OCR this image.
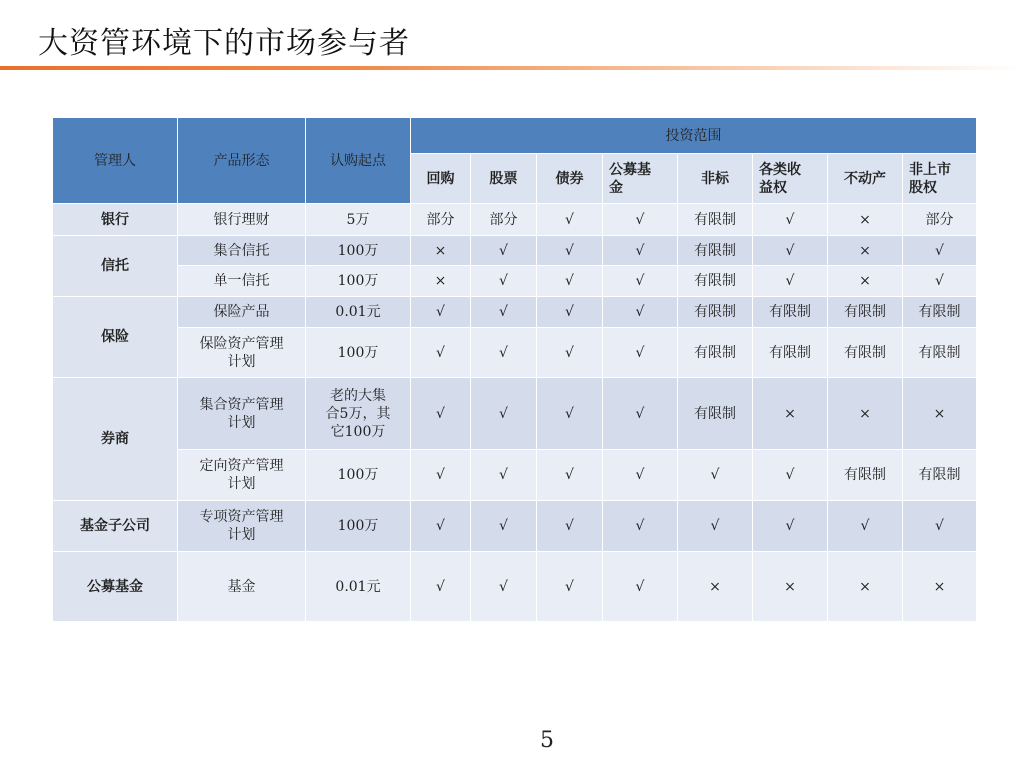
大资管环境下的市场参与者
管理人	产品形态	认购起点	投资范围							
			回购	股票	债券	公募基
金	非标	各类收
益权	不动产	非上市
股权
银行	银行理财	5万	部分	部分	√	√	有限制	√	×	部分
信托	集合信托	100万	×	√	√	√	有限制	√	×	√
	单一信托	100万	×	√	√	√	有限制	√	×	√
保险	保险产品	0.01元	√	√	√	√	有限制	有限制	有限制	有限制
	保险资产管理
计划	100万	√	√	√	√	有限制	有限制	有限制	有限制
券商	集合资产管理
计划	老的大集
合5万，其
它100万	√	√	√	√	有限制	×	×	×
	定向资产管理
计划	100万	√	√	√	√	√	√	有限制	有限制
基金子公司	专项资产管理
计划	100万	√	√	√	√	√	√	√	√
公募基金	基金	0.01元	√	√	√	√	×	×	×	×
5
